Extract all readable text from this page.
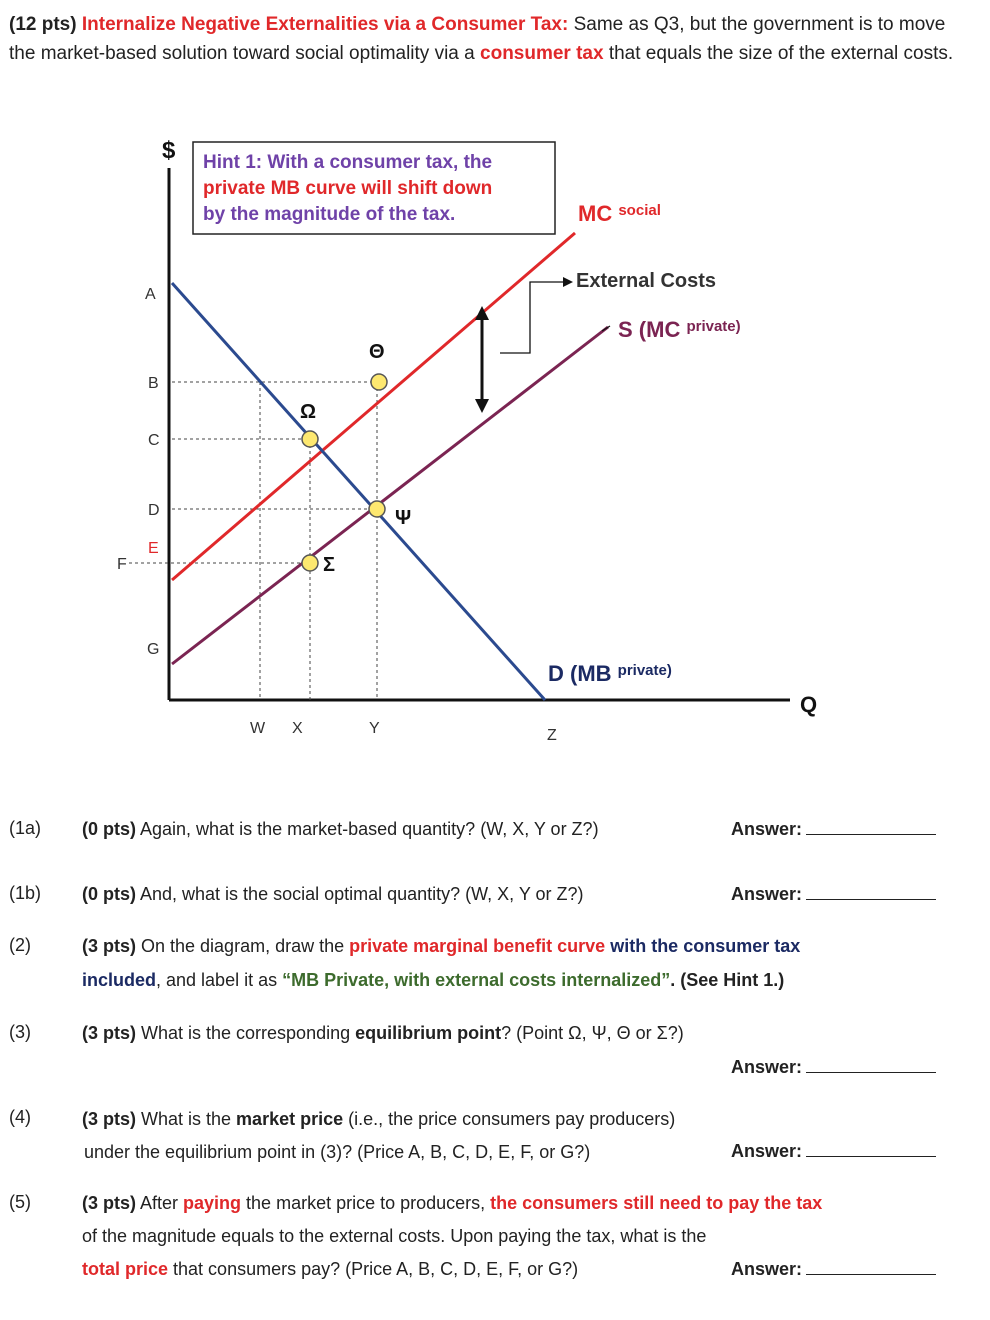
(12 pts) Internalize Negative Externalities via a Consumer Tax: Same as Q3, but the government is to move the market-based solution toward social optimality via a consumer tax that equals the size of the external costs.
$
Q
Hint 1: With a consumer tax, the
private MB curve will shift down
by the magnitude of the tax.	MC $^{social}$
External Costs
S (MC $^{private)}$
D (MB $^{private)}$
A
B
C
D
E
F
G
W X	Y	Z
Θ
Ω
Ψ
Σ
(1a) (0 pts) Again, what is the market-based quantity? (W, X, Y or Z?)	Answer:
(1b) (0 pts) And, what is the social optimal quantity? (W, X, Y or Z?)	Answer:
(2)	(3 pts) On the diagram, draw the private marginal benefit curve with the consumer tax included, and label it as “MB Private, with external costs internalized”. (See Hint 1.)
(3)	(3 pts) What is the corresponding equilibrium point? (Point Ω, Ψ, Θ or Σ?)
Answer:
(4)	(3 pts) What is the market price (i.e., the price consumers pay producers)
under the equilibrium point in (3)? (Price A, B, C, D, E, F, or G?)	Answer:
(5)	(3 pts) After paying the market price to producers, the consumers still need to pay the tax
of the magnitude equals to the external costs. Upon paying the tax, what is the
total price that consumers pay? (Price A, B, C, D, E, F, or G?)	Answer:
